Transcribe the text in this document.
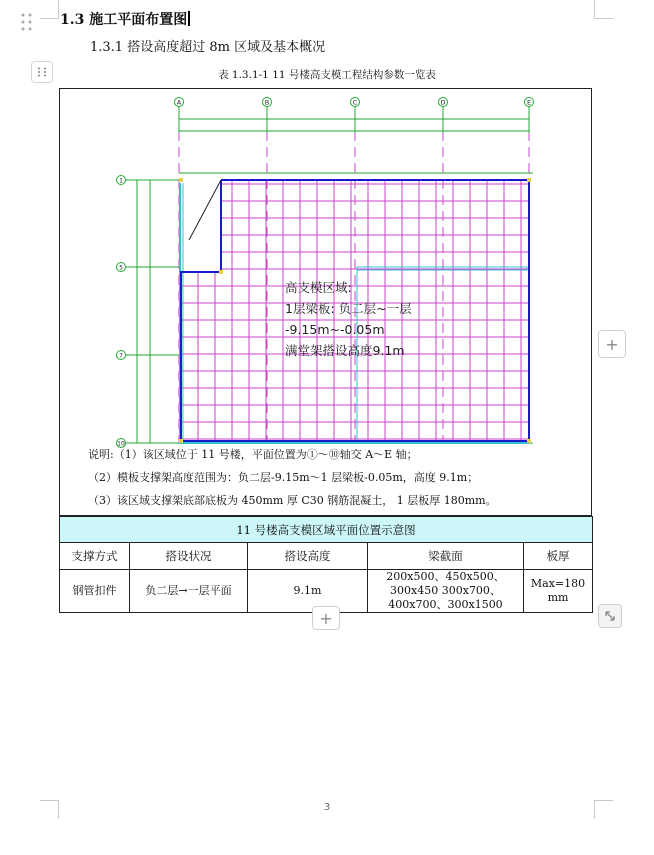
1.3 施工平面布置图
1.3.1 搭设高度超过 8m 区域及基本概况
表 1.3.1-1 11 号楼高支模工程结构参数一览表
A	B	C	D	E
1
5
7
10
高支模区域:
1层梁板: 负二层~一层
-9.15m~-0.05m
满堂架搭设高度9.1m
说明:（1）该区域位于 11 号楼，平面位置为①～⑩轴交 A～E 轴；
（2）模板支撑架高度范围为：负二层-9.15m～1 层梁板-0.05m，高度 9.1m；
（3）该区域支撑架底部底板为 450mm 厚 C30 钢筋混凝土， 1 层板厚 180mm。
11 号楼高支模区域平面位置示意图				
支撑方式	搭设状况	搭设高度	梁截面	板厚
钢管扣件	负二层→一层平面	9.1m	200x500、450x500、300x450 300x700、400x700、300x1500	Max=180mm
+
+
3
